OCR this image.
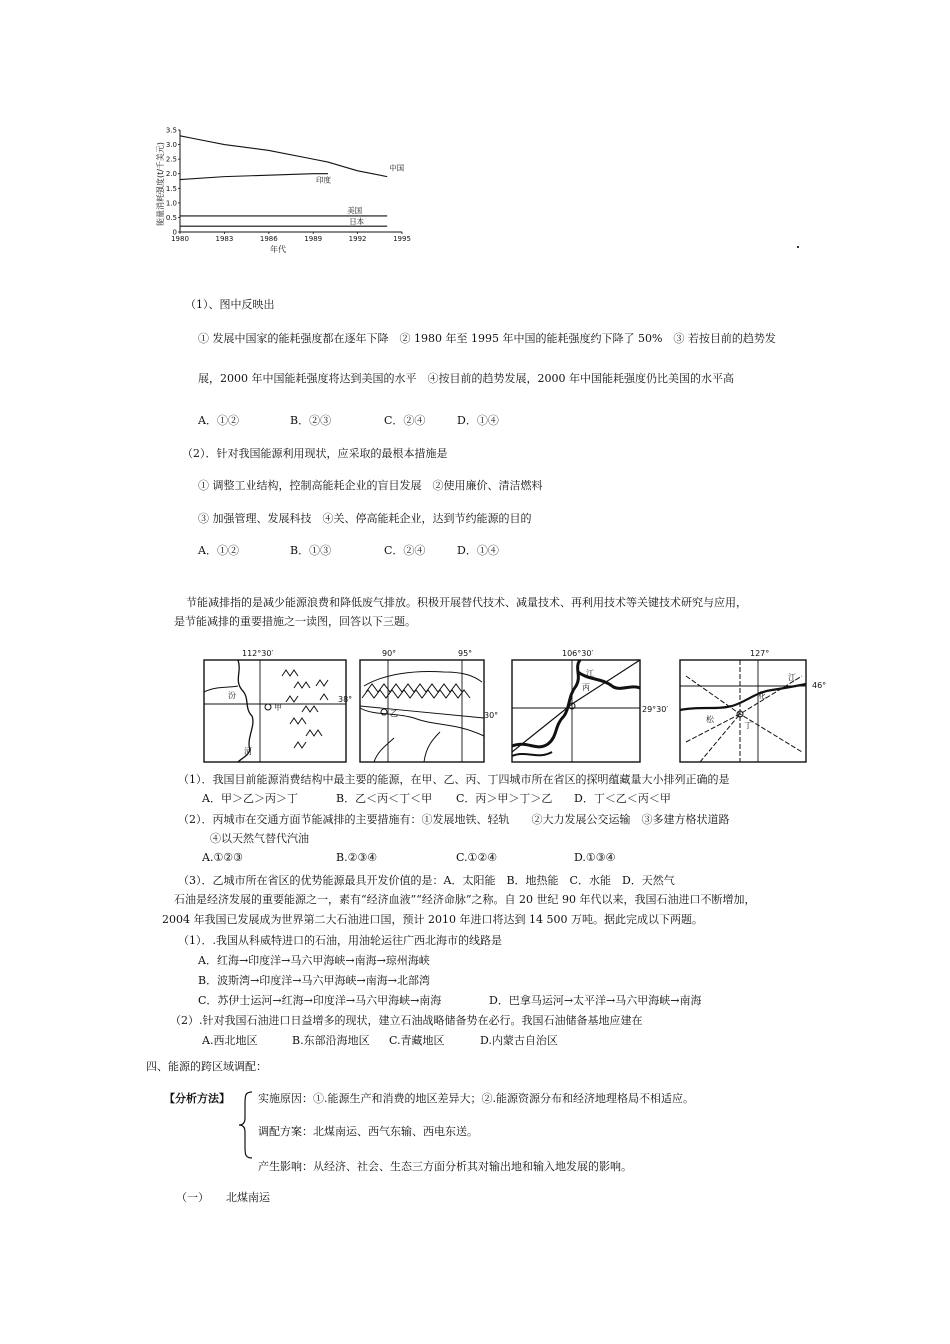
0
0.5
1.0
1.5
2.0
2.5
3.0
3.5
1980	1983	1986	1989	1992	1995
中国
印度
美国
日本
能量消耗强度(t/千美元)
年代
（1）、图中反映出
① 发展中国家的能耗强度都在逐年下降　② 1980 年至 1995 年中国的能耗强度约下降了 50%　③ 若按目前的趋势发
展，2000 年中国能耗强度将达到美国的水平　④按目前的趋势发展，2000 年中国能耗强度仍比美国的水平高
A．①②	B．②③	C．②④	D．①④
（2）．针对我国能源利用现状，应采取的最根本措施是
① 调整工业结构，控制高能耗企业的盲目发展　②使用廉价、清洁燃料
③ 加强管理、发展科技　④关、停高能耗企业，达到节约能源的目的
A．①②	B．①③	C．②④	D．①④
节能减排指的是减少能源浪费和降低废气排放。积极开展替代技术、减量技术、再利用技术等关键技术研究与应用，
是节能减排的重要措施之一读图，回答以下三题。
112°30′
38°
甲
汾
河
90°	95°
30°
乙
106°30′
29°30′
江
丙
127°
46°
花
江
松
丁
（1）．我国目前能源消费结构中最主要的能源，在甲、乙、丙、丁四城市所在省区的探明蕴藏量大小排列正确的是
A．甲＞乙＞丙＞丁	B．乙＜丙＜丁＜甲 C．丙＞甲＞丁＞乙 D．丁＜乙＜丙＜甲
（2）．丙城市在交通方面节能减排的主要措施有：①发展地铁、轻轨　　②大力发展公交运输　③多建方格状道路
④以天然气替代汽油
A.①②③	B.②③④	C.①②④	D.①③④
（3）．乙城市所在省区的优势能源最具开发价值的是：A．太阳能　B．地热能　C．水能　D．天然气
石油是经济发展的重要能源之一，素有“经济血液”“经济命脉”之称。自 20 世纪 90 年代以来，我国石油进口不断增加，
2004 年我国已发展成为世界第二大石油进口国，预计 2010 年进口将达到 14 500 万吨。据此完成以下两题。
（1）．.我国从科威特进口的石油，用油轮运往广西北海市的线路是
A．红海→印度洋→马六甲海峡→南海→琼州海峡
B．波斯湾→印度洋→马六甲海峡→南海→北部湾
C．苏伊士运河→红海→印度洋→马六甲海峡→南海	D．巴拿马运河→太平洋→马六甲海峡→南海
（2）.针对我国石油进口日益增多的现状，建立石油战略储备势在必行。我国石油储备基地应建在
A.西北地区	B.东部沿海地区 C.青藏地区	D.内蒙古自治区
四、能源的跨区域调配：
【分析方法】	实施原因：①.能源生产和消费的地区差异大；②.能源资源分布和经济地理格局不相适应。
调配方案：北煤南运、西气东输、西电东送。
产生影响：从经济、社会、生态三方面分析其对输出地和输入地发展的影响。
（一） 北煤南运
